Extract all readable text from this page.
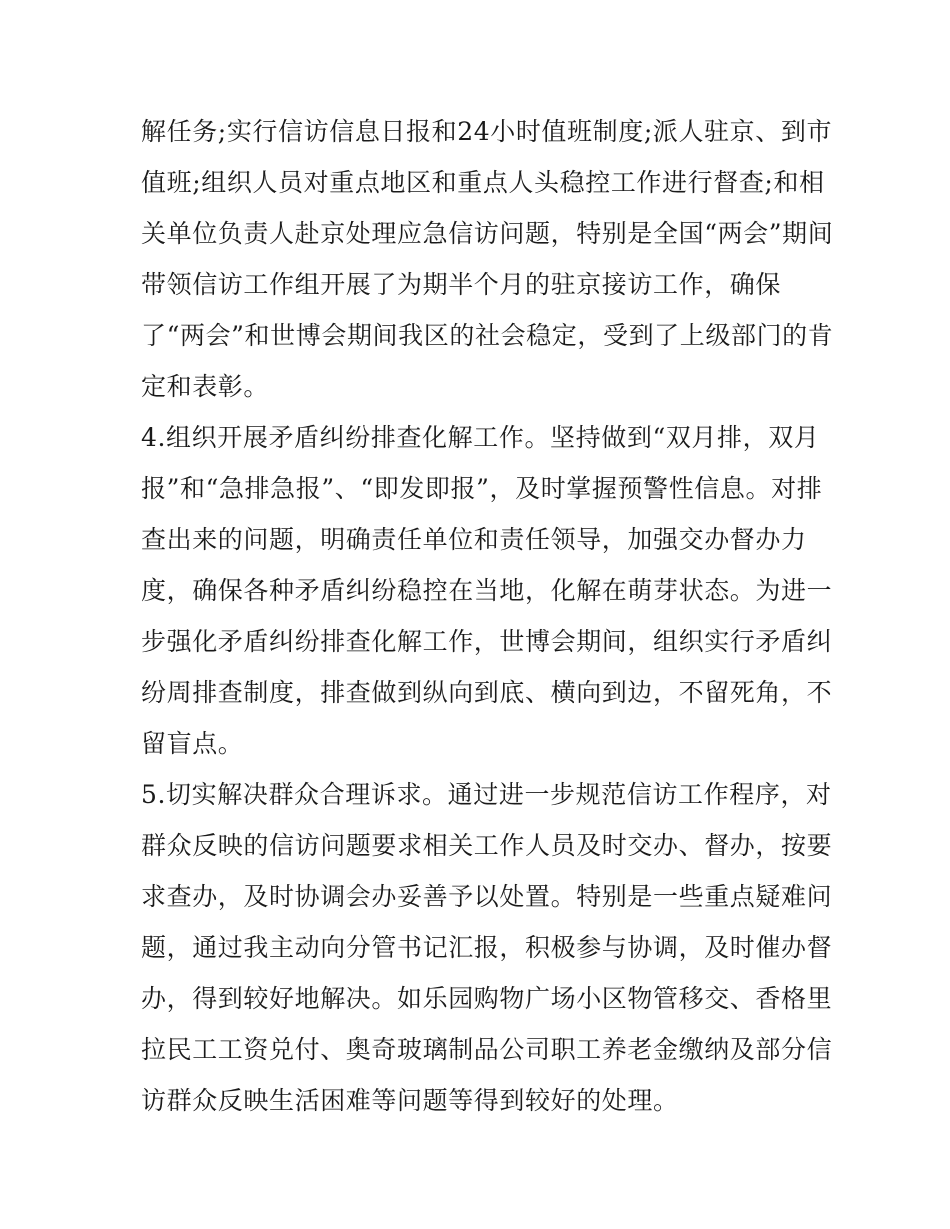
解任务;实行信访信息日报和24小时值班制度;派人驻京、到市
值班;组织人员对重点地区和重点人头稳控工作进行督查;和相
关单位负责人赴京处理应急信访问题，特别是全国“两会”期间
带领信访工作组开展了为期半个月的驻京接访工作，确保
了“两会”和世博会期间我区的社会稳定，受到了上级部门的肯
定和表彰。
4.组织开展矛盾纠纷排查化解工作。坚持做到“双月排，双月
报”和“急排急报”、“即发即报”，及时掌握预警性信息。对排
查出来的问题，明确责任单位和责任领导，加强交办督办力
度，确保各种矛盾纠纷稳控在当地，化解在萌芽状态。为进一
步强化矛盾纠纷排查化解工作，世博会期间，组织实行矛盾纠
纷周排查制度，排查做到纵向到底、横向到边，不留死角，不
留盲点。
5.切实解决群众合理诉求。通过进一步规范信访工作程序，对
群众反映的信访问题要求相关工作人员及时交办、督办，按要
求查办，及时协调会办妥善予以处置。特别是一些重点疑难问
题，通过我主动向分管书记汇报，积极参与协调，及时催办督
办，得到较好地解决。如乐园购物广场小区物管移交、香格里
拉民工工资兑付、奥奇玻璃制品公司职工养老金缴纳及部分信
访群众反映生活困难等问题等得到较好的处理。
